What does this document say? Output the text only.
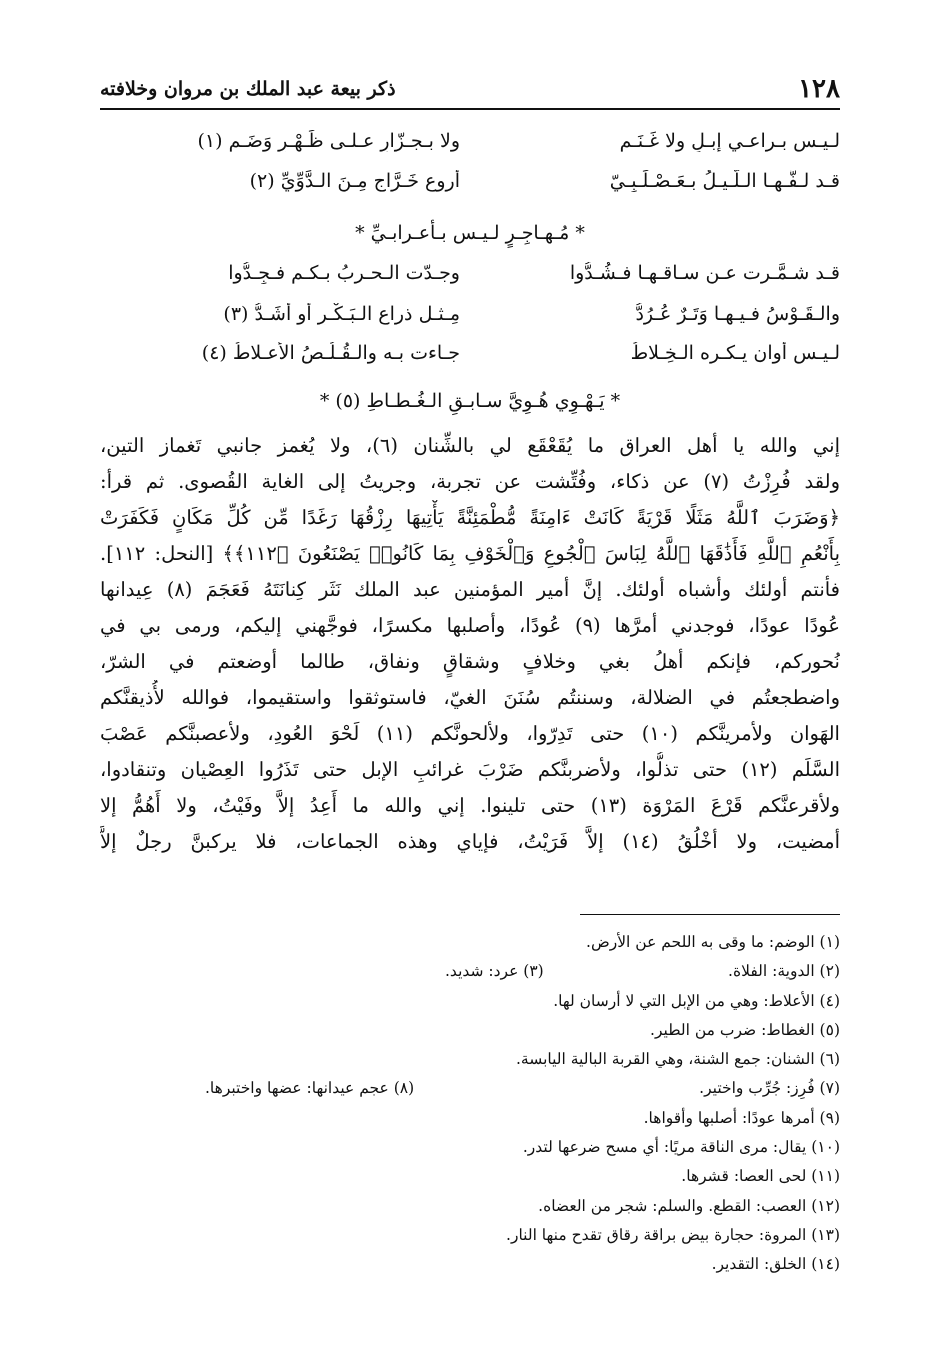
١٢٨
ذكر بيعة عبد الملك بن مروان وخلافته
لـيـس بـراعـي إبـلٍ ولا غَـنَـم
ولا بـجـزّارٍ عـلـى ظَـهْـرِ وَضَـم (١)
قـد لـفَّـهـا الـلَّـيـلُ بـعَـصْـلَـبِـيّ
أروع خَـرَّاجٍ مِـنَ الـدَّوِّيِّ (٢)
* مُـهـاجِـرٍ لـيـس بـأعـرابـيِّ *
قـد شـمَّـرت عـن سـاقـهـا فـشُـدُّوا
وجـدّت الـحـربُ بـكـم فـجِـدُّوا
والـقَـوْسُ فـيـهـا وَتَـرٌ عُـرُدُّ
مِـثـل ذراع الـبَـكْـرِ أو أشَـدُّ (٣)
لـيـس أوان يـكـره الـخِـلاطُ
جـاءت بـه والـقُـلُـصُ الأعـلاطُ (٤)
* يَـهْـوِي هُـوِيَّ سـابـقِ الـغُـطـاطِ (٥) *
إني والله يا أهل العراق ما يُقَعْقَع لي بالشِّنان (٦)، ولا يُغمز جانبي تَغماز التين،
ولقد فُرِزْتُ (٧) عن ذكاء، وفُتِّشت عن تجربة، وجريتُ إلى الغاية القُصوى. ثم قرأ:
﴿وَضَرَبَ ٱللَّهُ مَثَلًا قَرْيَةً كَانَتْ ءَامِنَةً مُّطْمَئِنَّةً يَأْتِيهَا رِزْقُهَا رَغَدًا مِّن كُلِّ مَكَانٍ فَكَفَرَتْ
بِأَنْعُمِ ٱللَّهِ فَأَذَٰقَهَا ٱللَّهُ لِبَاسَ ٱلْجُوعِ وَٱلْخَوْفِ بِمَا كَانُوا۟ يَصْنَعُونَ ﴿١١٢﴾﴾ [النحل: ١١٢].
فأنتم أولئك وأشباه أولئك. إنَّ أمير المؤمنين عبد الملك نَثَر كِنانَتَهُ فَعَجَمَ (٨) عِيدانها
عُودًا عودًا، فوجدني أمرَّها (٩) عُودًا، وأصلبها مكسرًا، فوجَّهني إليكم، ورمى بي في
نُحوركم، فإنكم أهلُ بغي وخلافٍ وشقاقٍ ونفاق، طالما أوضعتم في الشرّ،
واضطجعتُم في الضلالة، وسننتُم سُنَنَ الغيّ، فاستوثقوا واستقيموا، فوالله لأُذيقنَّكم
الهَوان ولأمرينَّكم (١٠) حتى تَدِرّوا، ولألحونَّكم (١١) لَحْوَ العُودِ، ولأعصبنَّكم عَصْبَ
السَّلَم (١٢) حتى تذلُّوا، ولأضربنَّكم ضَرْبَ غرائبِ الإبل حتى تَذَرُوا العِصْيان وتنقادوا،
ولأقرعنَّكم قَرْعَ المَرْوَة (١٣) حتى تلينوا. إني والله ما أَعِدُ إلاَّ وفَيْتُ، ولا أَهُمُّ إلا
أمضيت، ولا أخْلُقُ (١٤) إلاَّ فَرَيْتُ، فإياي وهذه الجماعات، فلا يركبنَّ رجلٌ إلاَّ
(١) الوضم: ما وقى به اللحم عن الأرض.
(٢) الدوية: الفلاة.
(٣) عرد: شديد.
(٤) الأعلاط: وهي من الإبل التي لا أرسان لها.
(٥) الغطاط: ضرب من الطير.
(٦) الشنان: جمع الشنة، وهي القربة البالية اليابسة.
(٧) فُرِز: جُرِّب واختير.
(٨) عجم عيدانها: عضها واختبرها.
(٩) أمرها عودًا: أصلبها وأقواها.
(١٠) يقال: مرى الناقة مريًا: أي مسح ضرعها لتدر.
(١١) لحى العصا: قشرها.
(١٢) العصب: القطع. والسلم: شجر من العضاه.
(١٣) المروة: حجارة بيض براقة رقاق تقدح منها النار.
(١٤) الخلق: التقدير.
